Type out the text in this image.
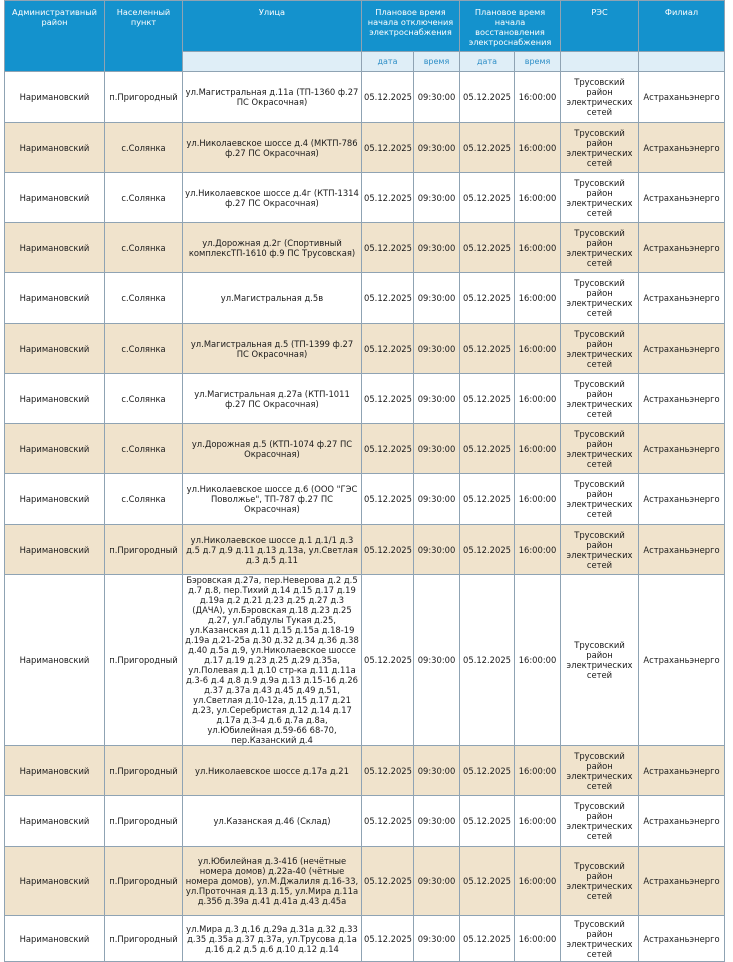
Административный район	Населенный пункт	Улица	Плановое время начала отключения электроснабжения		Плановое время начала восстановления электроснабжения		РЭС	Филиал
			дата	время	дата	время		
Наримановский	п.Пригородный	ул.Магистральная д.11а (ТП-1360 ф.27 ПС Окрасочная)	05.12.2025	09:30:00	05.12.2025	16:00:00	Трусовский район электрических сетей	Астраханьэнерго
Наримановский	с.Солянка	ул.Николаевское шоссе д.4 (МКТП-786 ф.27 ПС Окрасочная)	05.12.2025	09:30:00	05.12.2025	16:00:00	Трусовский район электрических сетей	Астраханьэнерго
Наримановский	с.Солянка	ул.Николаевское шоссе д.4г (КТП-1314 ф.27 ПС Окрасочная)	05.12.2025	09:30:00	05.12.2025	16:00:00	Трусовский район электрических сетей	Астраханьэнерго
Наримановский	с.Солянка	ул.Дорожная д.2г (Спортивный комплексТП-1610 ф.9 ПС Трусовская)	05.12.2025	09:30:00	05.12.2025	16:00:00	Трусовский район электрических сетей	Астраханьэнерго
Наримановский	с.Солянка	ул.Магистральная д.5в	05.12.2025	09:30:00	05.12.2025	16:00:00	Трусовский район электрических сетей	Астраханьэнерго
Наримановский	с.Солянка	ул.Магистральная д.5 (ТП-1399 ф.27 ПС Окрасочная)	05.12.2025	09:30:00	05.12.2025	16:00:00	Трусовский район электрических сетей	Астраханьэнерго
Наримановский	с.Солянка	ул.Магистральная д.27а (КТП-1011 ф.27 ПС Окрасочная)	05.12.2025	09:30:00	05.12.2025	16:00:00	Трусовский район электрических сетей	Астраханьэнерго
Наримановский	с.Солянка	ул.Дорожная д.5 (КТП-1074 ф.27 ПС Окрасочная)	05.12.2025	09:30:00	05.12.2025	16:00:00	Трусовский район электрических сетей	Астраханьэнерго
Наримановский	с.Солянка	ул.Николаевское шоссе д.6 (ООО "ГЭС Поволжье", ТП-787 ф.27 ПС Окрасочная)	05.12.2025	09:30:00	05.12.2025	16:00:00	Трусовский район электрических сетей	Астраханьэнерго
Наримановский	п.Пригородный	ул.Николаевское шоссе д.1 д.1/1 д.3 д.5 д.7 д.9 д.11 д.13 д.13а, ул.Светлая д.3 д.5 д.11	05.12.2025	09:30:00	05.12.2025	16:00:00	Трусовский район электрических сетей	Астраханьэнерго
Наримановский	п.Пригородный	Бэровская д.27а, пер.Неверова д.2 д.5 д.7 д.8, пер.Тихий д.14 д.15 д.17 д.19 д.19а д.2 д.21 д.23 д.25 д.27 д.3 (ДАЧА), ул.Бэровская д.18 д.23 д.25 д.27, ул.Габдулы Тукая д.25, ул.Казанская д.11 д.15 д.15а д.18-19 д.19а д.21-25а д.30 д.32 д.34 д.36 д.38 д.40 д.5а д.9, ул.Николаевское шоссе д.17 д.19 д.23 д.25 д.29 д.35а, ул.Полевая д.1 д.10 стр-ка д.11 д.11а д.3-6 д.4 д.8 д.9 д.9а д.13 д.15-16 д.26 д.37 д.37а д.43 д.45 д.49 д.51, ул.Светлая д.10-12а, д.15 д.17 д.21 д.23, ул.Серебристая д.12 д.14 д.17 д.17а д.3-4 д.6 д.7а д.8а, ул.Юбилейная д.59-66 68-70, пер.Казанский д.4	05.12.2025	09:30:00	05.12.2025	16:00:00	Трусовский район электрических сетей	Астраханьэнерго
Наримановский	п.Пригородный	ул.Николаевское шоссе д.17а д.21	05.12.2025	09:30:00	05.12.2025	16:00:00	Трусовский район электрических сетей	Астраханьэнерго
Наримановский	п.Пригородный	ул.Казанская д.46 (Склад)	05.12.2025	09:30:00	05.12.2025	16:00:00	Трусовский район электрических сетей	Астраханьэнерго
Наримановский	п.Пригородный	ул.Юбилейная д.3-41б (нечётные номера домов) д.22а-40 (чётные номера домов), ул.М.Джалиля д.16-33, ул.Проточная д.13 д.15, ул.Мира д.11а д.35б д.39а д.41 д.41а д.43 д.45а	05.12.2025	09:30:00	05.12.2025	16:00:00	Трусовский район электрических сетей	Астраханьэнерго
Наримановский	п.Пригородный	ул.Мира д.3 д.16 д.29а д.31а д.32 д.33 д.35 д.35а д.37 д.37а, ул.Трусова д.1а д.16 д.2 д.5 д.6 д.10 д.12 д.14	05.12.2025	09:30:00	05.12.2025	16:00:00	Трусовский район электрических сетей	Астраханьэнерго
